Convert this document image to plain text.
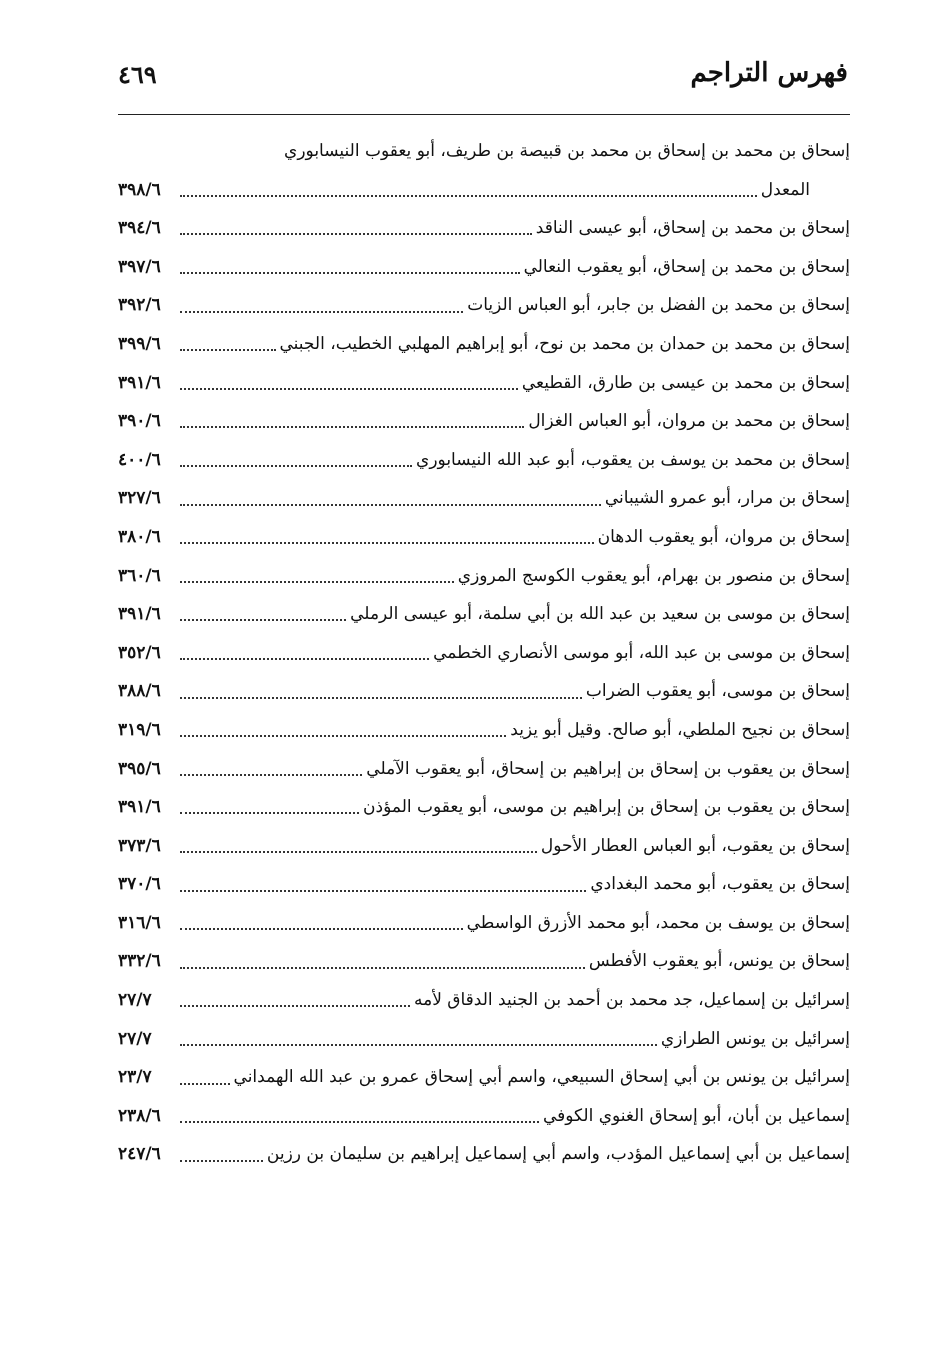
فهرس التراجم
٤٦٩
إسحاق بن محمد بن إسحاق بن محمد بن قبيصة بن طريف، أبو يعقوب النيسابوري
المعدل
٣٩٨/٦
إسحاق بن محمد بن إسحاق، أبو عيسى الناقد
٣٩٤/٦
إسحاق بن محمد بن إسحاق، أبو يعقوب النعالي
٣٩٧/٦
إسحاق بن محمد بن الفضل بن جابر، أبو العباس الزيات
٣٩٢/٦
إسحاق بن محمد بن حمدان بن محمد بن نوح، أبو إبراهيم المهلبي الخطيب، الجبني
٣٩٩/٦
إسحاق بن محمد بن عيسى بن طارق، القطيعي
٣٩١/٦
إسحاق بن محمد بن مروان، أبو العباس الغزال
٣٩٠/٦
إسحاق بن محمد بن يوسف بن يعقوب، أبو عبد الله النيسابوري
٤٠٠/٦
إسحاق بن مرار، أبو عمرو الشيباني
٣٢٧/٦
إسحاق بن مروان، أبو يعقوب الدهان
٣٨٠/٦
إسحاق بن منصور بن بهرام، أبو يعقوب الكوسج المروزي
٣٦٠/٦
إسحاق بن موسى بن سعيد بن عبد الله بن أبي سلمة، أبو عيسى الرملي
٣٩١/٦
إسحاق بن موسى بن عبد الله، أبو موسى الأنصاري الخطمي
٣٥٢/٦
إسحاق بن موسى، أبو يعقوب الضراب
٣٨٨/٦
إسحاق بن نجيح الملطي، أبو صالح. وقيل أبو يزيد
٣١٩/٦
إسحاق بن يعقوب بن إسحاق بن إبراهيم بن إسحاق، أبو يعقوب الآملي
٣٩٥/٦
إسحاق بن يعقوب بن إسحاق بن إبراهيم بن موسى، أبو يعقوب المؤذن
٣٩١/٦
إسحاق بن يعقوب، أبو العباس العطار الأحول
٣٧٣/٦
إسحاق بن يعقوب، أبو محمد البغدادي
٣٧٠/٦
إسحاق بن يوسف بن محمد، أبو محمد الأزرق الواسطي
٣١٦/٦
إسحاق بن يونس، أبو يعقوب الأفطس
٣٣٢/٦
إسرائيل بن إسماعيل، جد محمد بن أحمد بن الجنيد الدقاق لأمه
٢٧/٧
إسرائيل بن يونس الطرازي
٢٧/٧
إسرائيل بن يونس بن أبي إسحاق السبيعي، واسم أبي إسحاق عمرو بن عبد الله الهمداني
٢٣/٧
إسماعيل بن أبان، أبو إسحاق الغنوي الكوفي
٢٣٨/٦
إسماعيل بن أبي إسماعيل المؤدب، واسم أبي إسماعيل إبراهيم بن سليمان بن رزين
٢٤٧/٦
